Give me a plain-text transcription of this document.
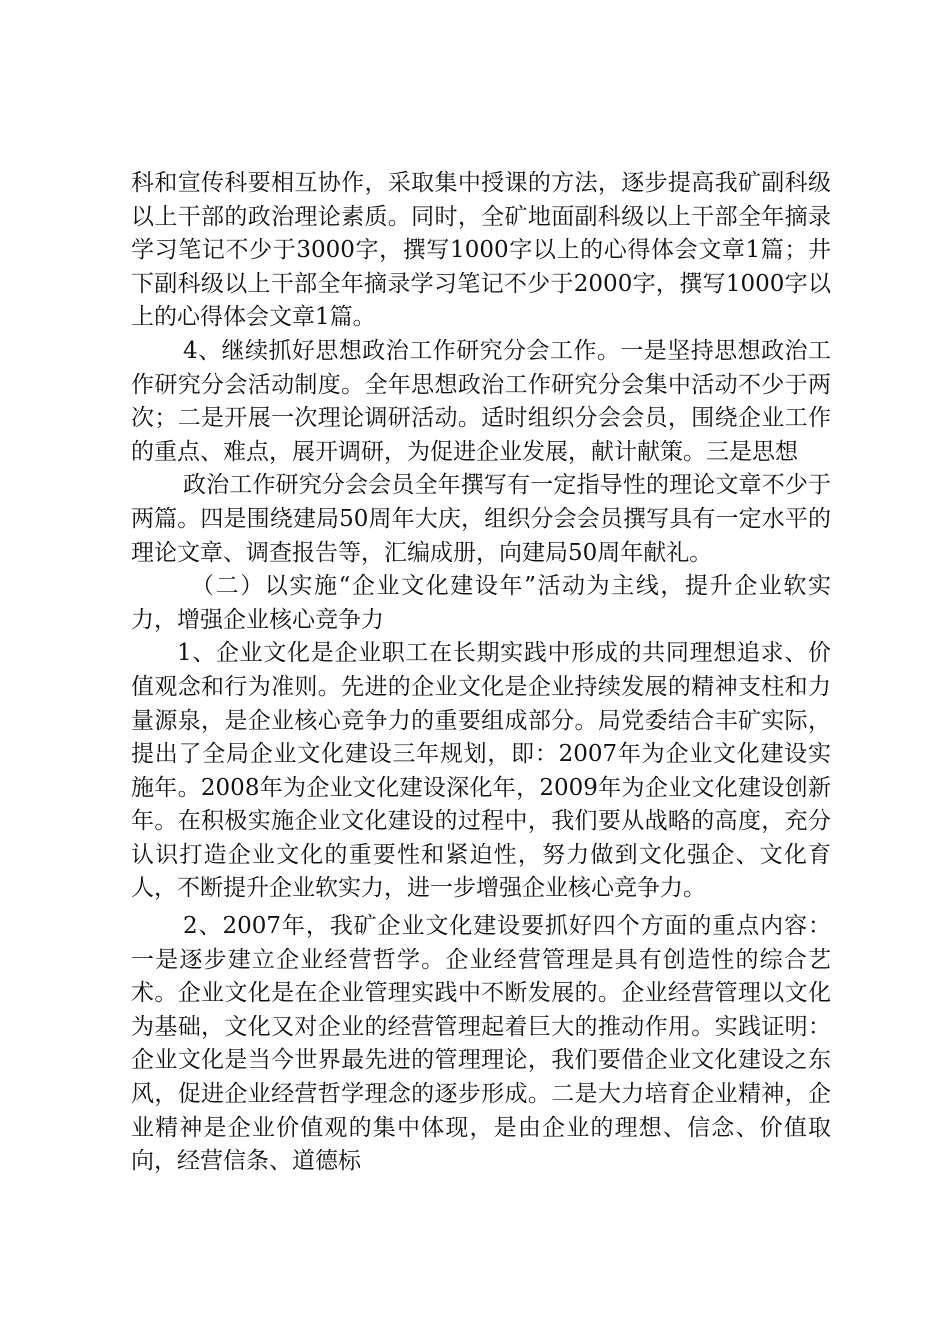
科和宣传科要相互协作，采取集中授课的方法，逐步提高我矿副科级以上干部的政治理论素质。同时，全矿地面副科级以上干部全年摘录学习笔记不少于3000字，撰写1000字以上的心得体会文章1篇；井下副科级以上干部全年摘录学习笔记不少于2000字，撰写1000字以上的心得体会文章1篇。

4、继续抓好思想政治工作研究分会工作。一是坚持思想政治工作研究分会活动制度。全年思想政治工作研究分会集中活动不少于两次；二是开展一次理论调研活动。适时组织分会会员，围绕企业工作的重点、难点，展开调研，为促进企业发展，献计献策。三是思想

政治工作研究分会会员全年撰写有一定指导性的理论文章不少于两篇。四是围绕建局50周年大庆，组织分会会员撰写具有一定水平的理论文章、调查报告等，汇编成册，向建局50周年献礼。

（二）以实施“企业文化建设年”活动为主线，提升企业软实力，增强企业核心竞争力

1、企业文化是企业职工在长期实践中形成的共同理想追求、价值观念和行为准则。先进的企业文化是企业持续发展的精神支柱和力量源泉，是企业核心竞争力的重要组成部分。局党委结合丰矿实际，提出了全局企业文化建设三年规划，即：2007年为企业文化建设实施年。2008年为企业文化建设深化年，2009年为企业文化建设创新年。在积极实施企业文化建设的过程中，我们要从战略的高度，充分认识打造企业文化的重要性和紧迫性，努力做到文化强企、文化育人，不断提升企业软实力，进一步增强企业核心竞争力。

2、2007年，我矿企业文化建设要抓好四个方面的重点内容：一是逐步建立企业经营哲学。企业经营管理是具有创造性的综合艺术。企业文化是在企业管理实践中不断发展的。企业经营管理以文化为基础，文化又对企业的经营管理起着巨大的推动作用。实践证明：企业文化是当今世界最先进的管理理论，我们要借企业文化建设之东风，促进企业经营哲学理念的逐步形成。二是大力培育企业精神，企业精神是企业价值观的集中体现，是由企业的理想、信念、价值取向，经营信条、道德标
